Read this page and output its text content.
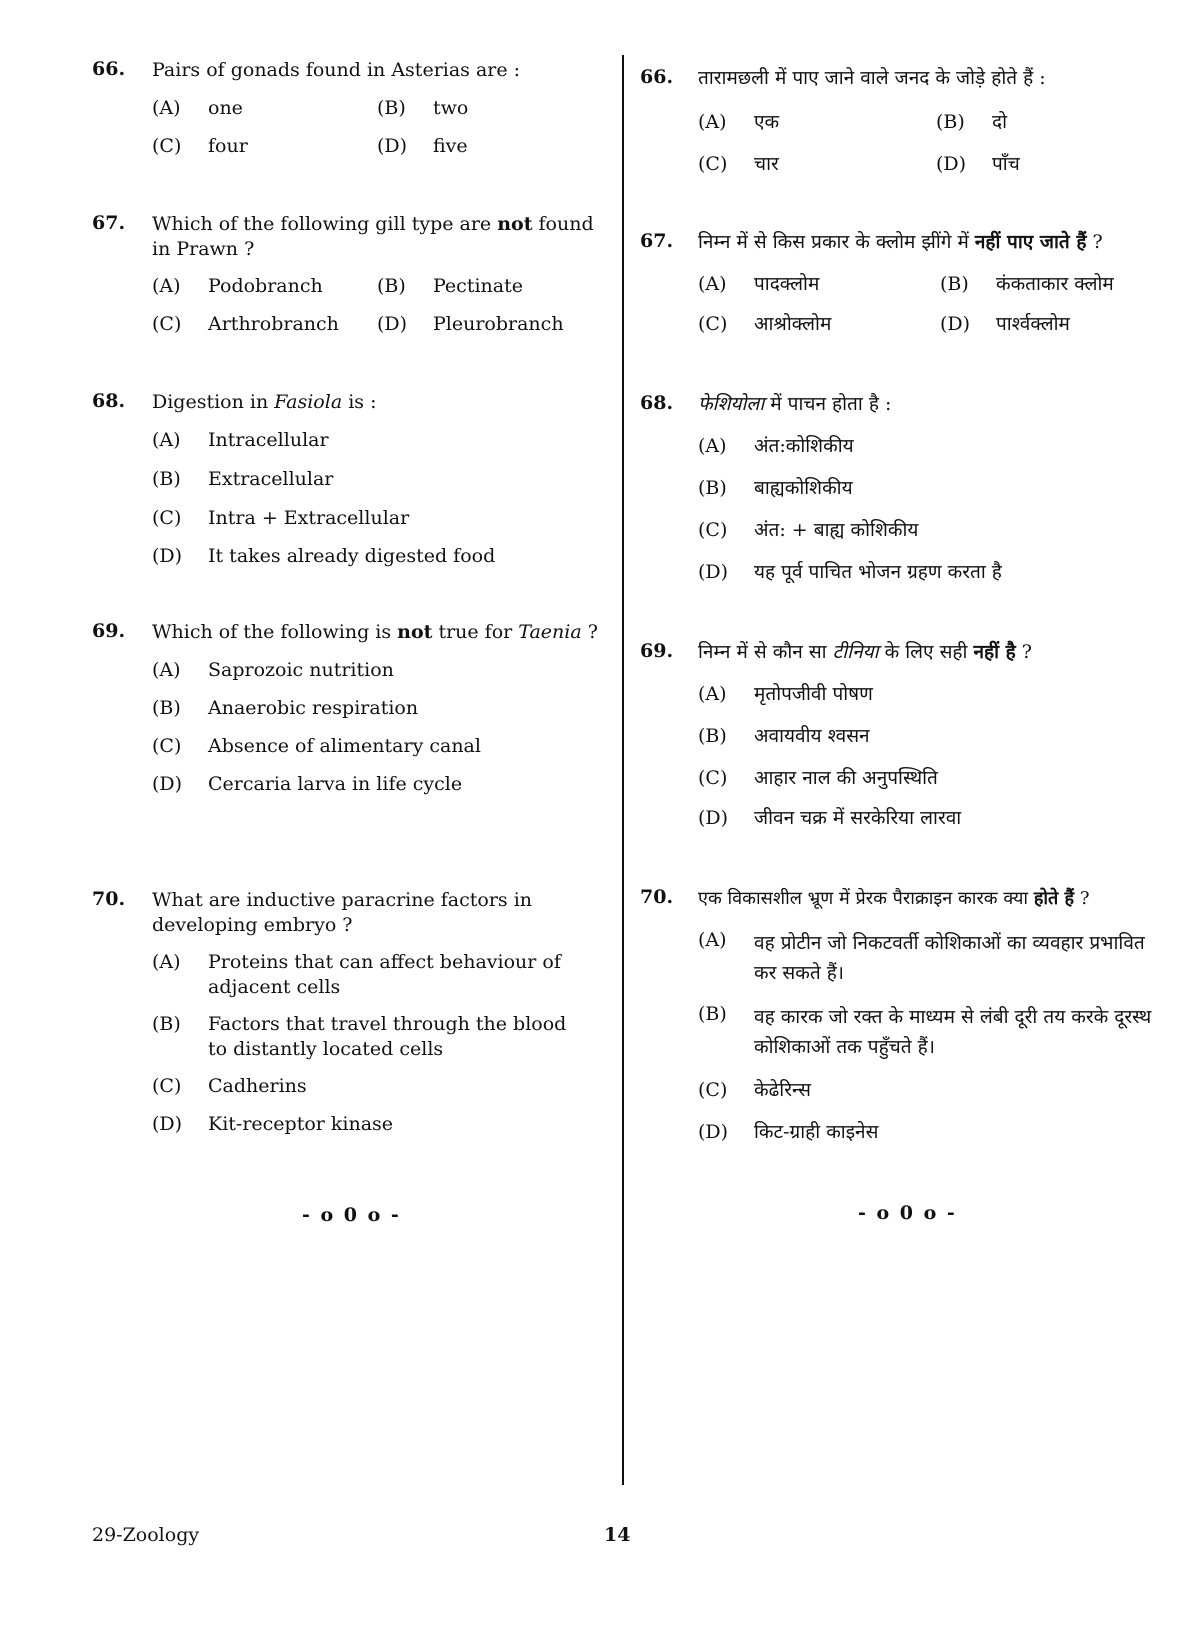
66. Pairs of gonads found in Asterias are :
(A) one	(B) two
(C) four	(D) five
67. Which of the following gill type are not found in Prawn ?
(A) Podobranch	(B) Pectinate
(C) Arthrobranch (D) Pleurobranch
68. Digestion in Fasiola is :
(A) Intracellular
(B) Extracellular
(C) Intra + Extracellular
(D) It takes already digested food
69. Which of the following is not true for Taenia ?
(A) Saprozoic nutrition
(B) Anaerobic respiration
(C) Absence of alimentary canal
(D) Cercaria larva in life cycle
70. What are inductive paracrine factors in developing embryo ?
(A) Proteins that can affect behaviour of adjacent cells
(B) Factors that travel through the blood to distantly located cells
(C) Cadherins
(D) Kit-receptor kinase
- o 0 o -
66. तारामछली में पाए जाने वाले जनद के जोड़े होते हैं :
(A) एक	(B) दो
(C) चार	(D) पाँच
67. निम्न में से किस प्रकार के क्लोम झींगे में नहीं पाए जाते हैं ?
(A) पादक्लोम	(B) कंकताकार क्लोम
(C) आश्रोक्लोम	(D) पार्श्वक्लोम
68. फेशियोला में पाचन होता है :
(A) अंत:कोशिकीय
(B) बाह्यकोशिकीय
(C) अंत: + बाह्य कोशिकीय
(D) यह पूर्व पाचित भोजन ग्रहण करता है
69. निम्न में से कौन सा टीनिया के लिए सही नहीं है ?
(A) मृतोपजीवी पोषण
(B) अवायवीय श्वसन
(C) आहार नाल की अनुपस्थिति
(D) जीवन चक्र में सरकेरिया लारवा
70. एक विकासशील भ्रूण में प्रेरक पैराक्राइन कारक क्या होते हैं ?
(A) वह प्रोटीन जो निकटवर्ती कोशिकाओं का व्यवहार प्रभावित कर सकते हैं।
(B) वह कारक जो रक्त के माध्यम से लंबी दूरी तय करके दूरस्थ कोशिकाओं तक पहुँचते हैं।
(C) केढेरिन्स
(D) किट-ग्राही काइनेस
- o 0 o -
29-Zoology	14
